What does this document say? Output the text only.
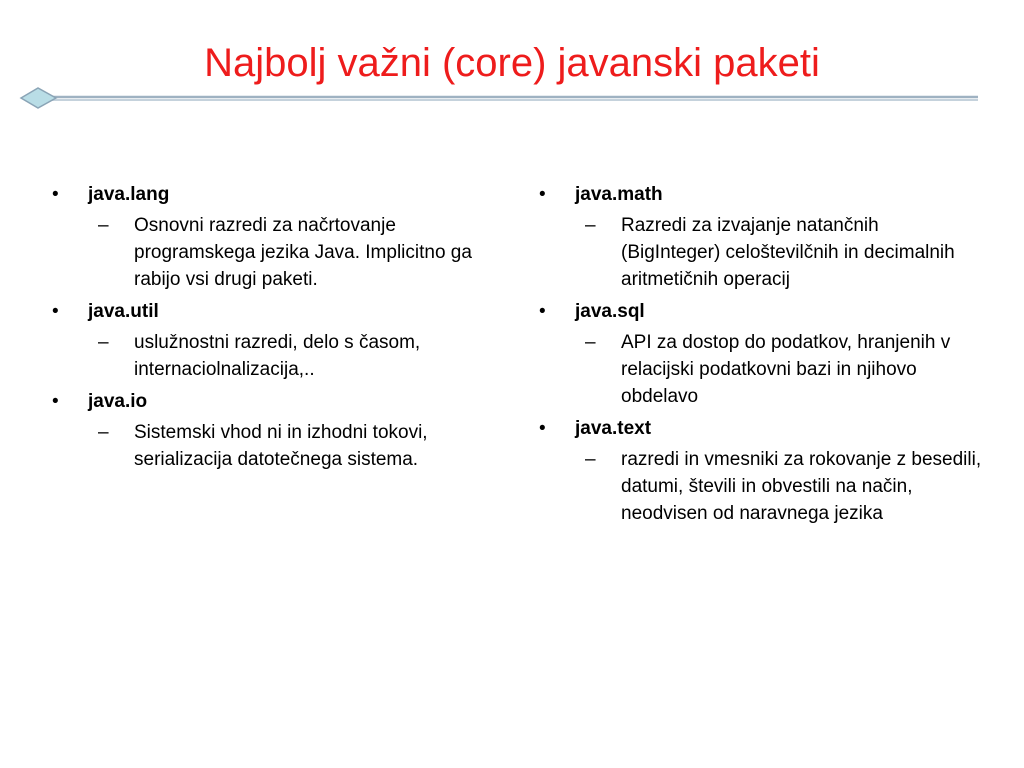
Najbolj važni (core) javanski paketi
• java.lang
– Osnovni razredi za načrtovanje programskega jezika Java. Implicitno ga rabijo vsi drugi paketi.
• java.util
– uslužnostni razredi, delo s časom, internaciolnalizacija,..
• java.io
– Sistemski vhod ni in izhodni tokovi, serializacija datotečnega sistema.
• java.math
– Razredi za izvajanje natančnih (BigInteger) celoštevilčnih in decimalnih aritmetičnih operacij
• java.sql
– API za dostop do podatkov, hranjenih v relacijski podatkovni bazi in njihovo obdelavo
• java.text
– razredi in vmesniki za rokovanje z besedili, datumi, števili in obvestili na način, neodvisen od naravnega jezika
